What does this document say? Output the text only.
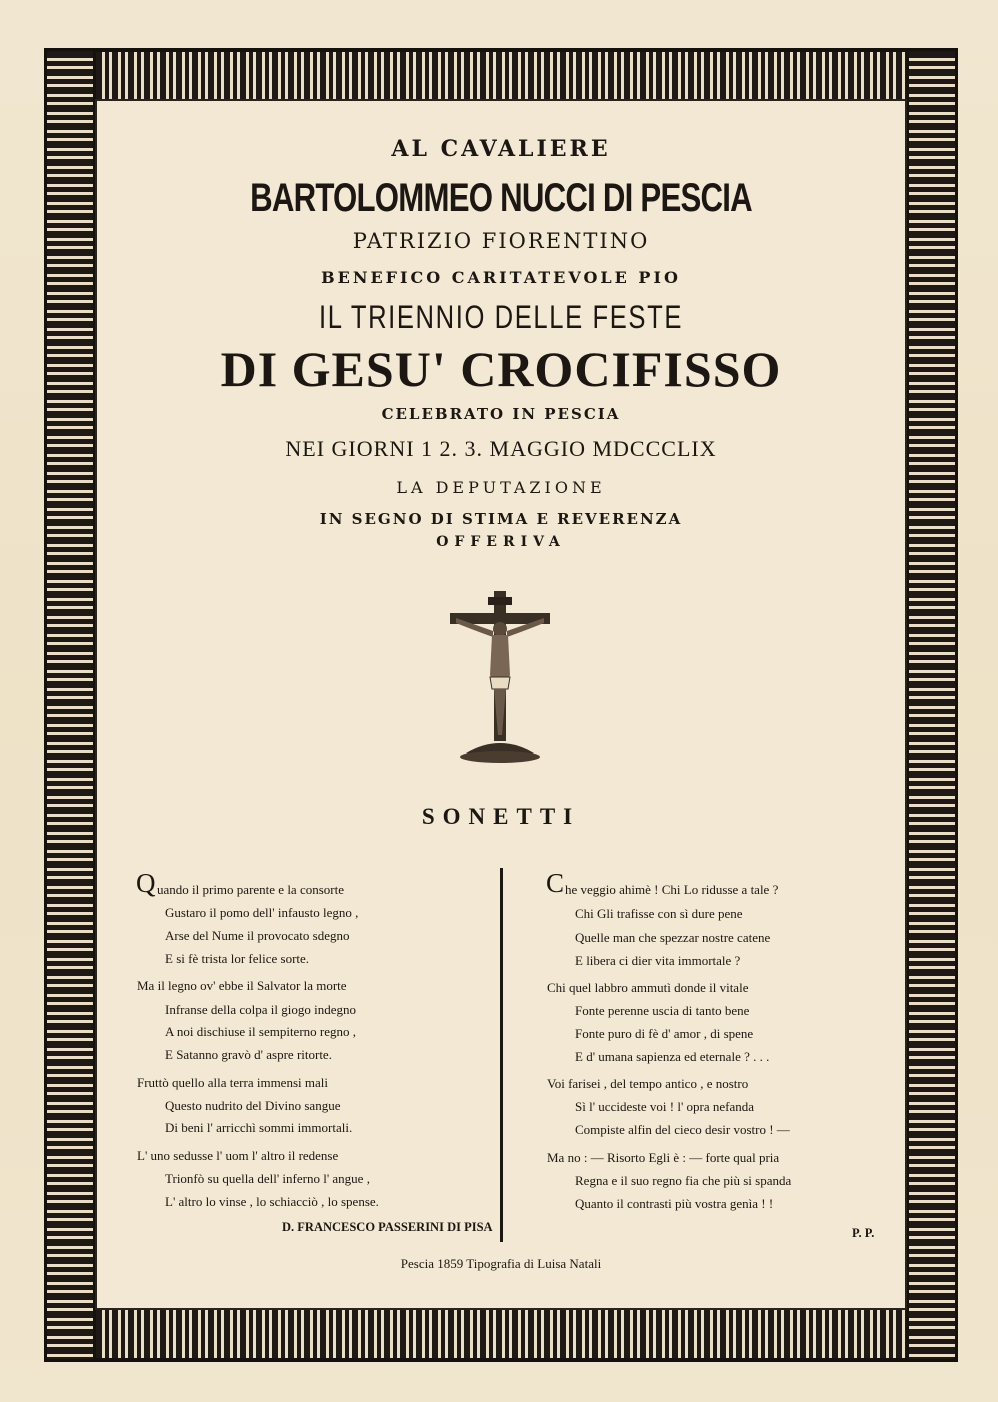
AL CAVALIERE
BARTOLOMMEO NUCCI DI PESCIA
PATRIZIO FIORENTINO
BENEFICO CARITATEVOLE PIO
IL TRIENNIO DELLE FESTE
DI GESU' CROCIFISSO
CELEBRATO IN PESCIA
NEI GIORNI 1 2. 3. MAGGIO MDCCCLIX
LA DEPUTAZIONE
IN SEGNO DI STIMA E REVERENZA
OFFERIVA
SONETTI
Q uando il primo parente e la consorte
Gustaro il pomo dell' infausto legno ,
Arse del Nume il provocato sdegno
E si fè trista lor felice sorte.
Ma il legno ov' ebbe il Salvator la morte
Infranse della colpa il giogo indegno
A noi dischiuse il sempiterno regno ,
E Satanno gravò d' aspre ritorte.
Fruttò quello alla terra immensi mali
Questo nudrito del Divino sangue
Di beni l' arricchì sommi immortali.
L' uno sedusse l' uom l' altro il redense
Trionfò su quella dell' inferno l' angue ,
L' altro lo vinse , lo schiacciò , lo spense.
D. FRANCESCO PASSERINI DI PISA
C he veggio ahimè ! Chi Lo ridusse a tale ?
Chi Gli trafisse con sì dure pene
Quelle man che spezzar nostre catene
E libera ci dier vita immortale ?
Chi quel labbro ammutì donde il vitale
Fonte perenne uscia di tanto bene
Fonte puro di fè d' amor , di spene
E d' umana sapienza ed eternale ? . . .
Voi farisei , del tempo antico , e nostro
Sì l' uccideste voi ! l' opra nefanda
Compiste alfin del cieco desir vostro ! —
Ma no : — Risorto Egli è : — forte qual pria
Regna e il suo regno fia che più si spanda
Quanto il contrasti più vostra genìa ! !
P. P.
Pescia 1859 Tipografia di Luisa Natali
